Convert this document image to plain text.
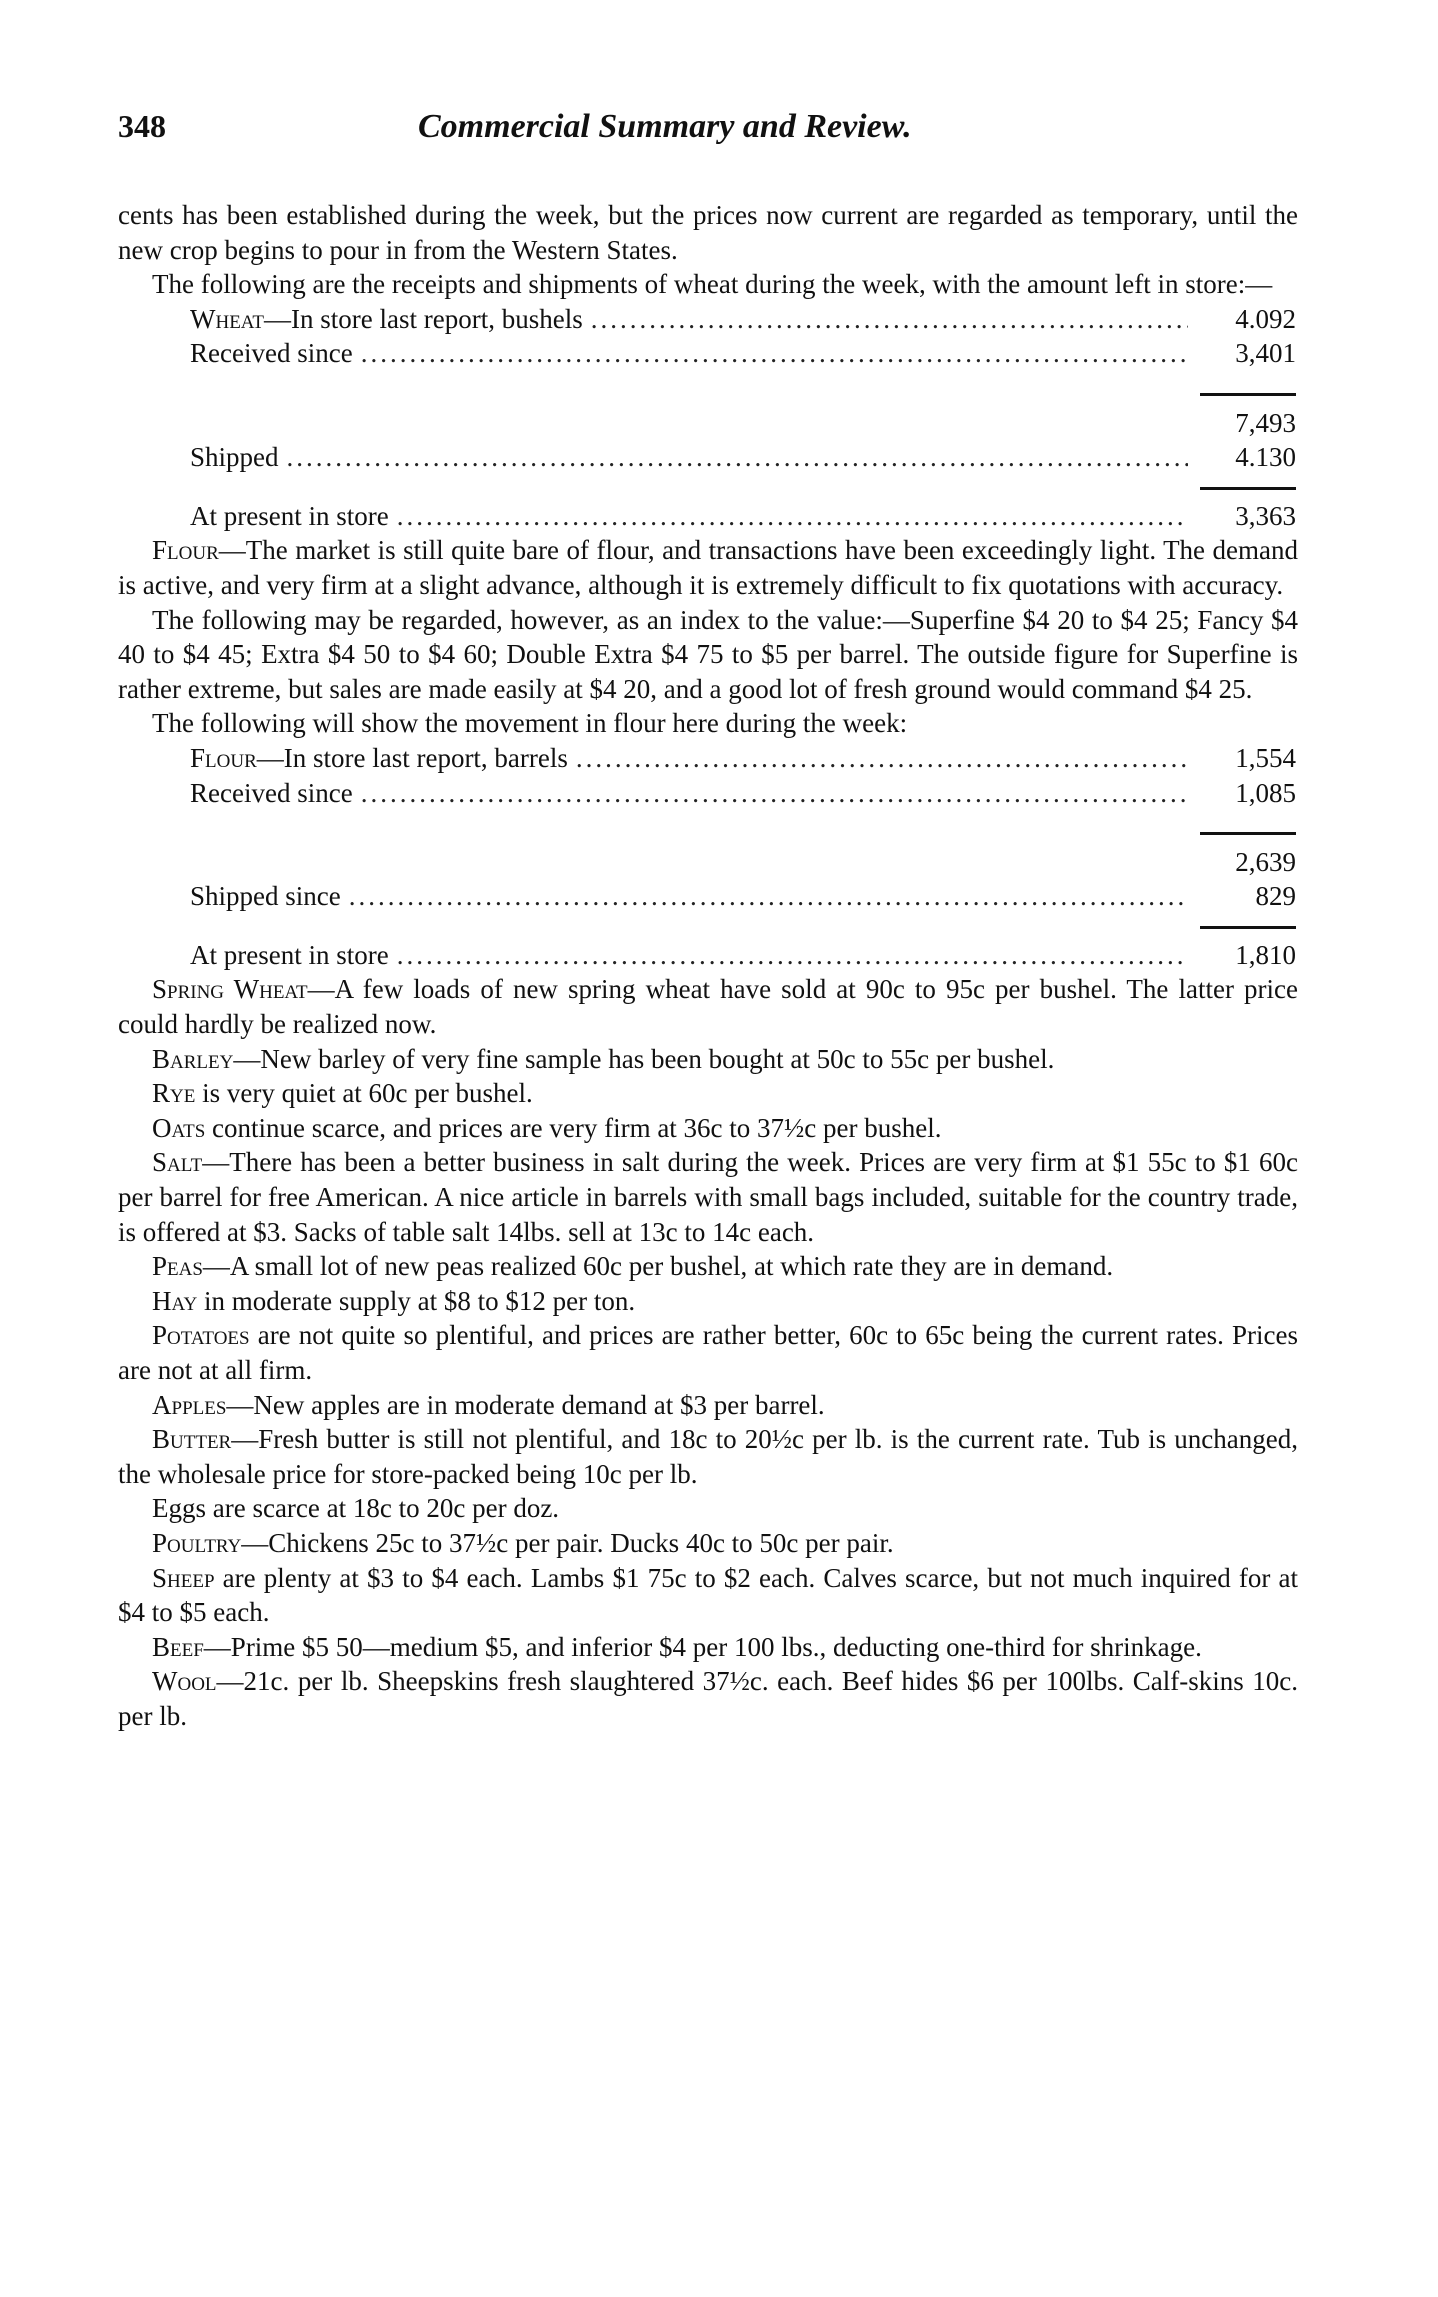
348	Commercial Summary and Review.

cents has been established during the week, but the prices now current are regarded as temporary, until the new crop begins to pour in from the Western States.

The following are the receipts and shipments of wheat during the week, with the amount left in store:—

Wheat—In store last report, bushels .....	4.092
Received since .....	3,401
7,493
Shipped .....	4.130
At present in store .....	3,363

Flour—The market is still quite bare of flour, and transactions have been exceedingly light. The demand is active, and very firm at a slight advance, although it is extremely difficult to fix quotations with accuracy.

The following may be regarded, however, as an index to the value:—Superfine $4 20 to $4 25; Fancy $4 40 to $4 45; Extra $4 50 to $4 60; Double Extra $4 75 to $5 per barrel. The outside figure for Superfine is rather extreme, but sales are made easily at $4 20, and a good lot of fresh ground would command $4 25.

The following will show the movement in flour here during the week:

Flour—In store last report, barrels .....	1,554
Received since .....	1,085
2,639
Shipped since .....	829
At present in store .....	1,810

Spring Wheat—A few loads of new spring wheat have sold at 90c to 95c per bushel. The latter price could hardly be realized now.

Barley—New barley of very fine sample has been bought at 50c to 55c per bushel.

Rye is very quiet at 60c per bushel.

Oats continue scarce, and prices are very firm at 36c to 37½c per bushel.

Salt—There has been a better business in salt during the week. Prices are very firm at $1 55c to $1 60c per barrel for free American. A nice article in barrels with small bags included, suitable for the country trade, is offered at $3. Sacks of table salt 14lbs. sell at 13c to 14c each.

Peas—A small lot of new peas realized 60c per bushel, at which rate they are in demand.

Hay in moderate supply at $8 to $12 per ton.

Potatoes are not quite so plentiful, and prices are rather better, 60c to 65c being the current rates. Prices are not at all firm.

Apples—New apples are in moderate demand at $3 per barrel.

Butter—Fresh butter is still not plentiful, and 18c to 20½c per lb. is the current rate. Tub is unchanged, the wholesale price for store-packed being 10c per lb.

Eggs are scarce at 18c to 20c per doz.

Poultry—Chickens 25c to 37½c per pair. Ducks 40c to 50c per pair.

Sheep are plenty at $3 to $4 each. Lambs $1 75c to $2 each. Calves scarce, but not much inquired for at $4 to $5 each.

Beef—Prime $5 50—medium $5, and inferior $4 per 100 lbs., deducting one-third for shrinkage.

Wool—21c. per lb. Sheepskins fresh slaughtered 37½c. each. Beef hides $6 per 100lbs. Calf-skins 10c. per lb.
